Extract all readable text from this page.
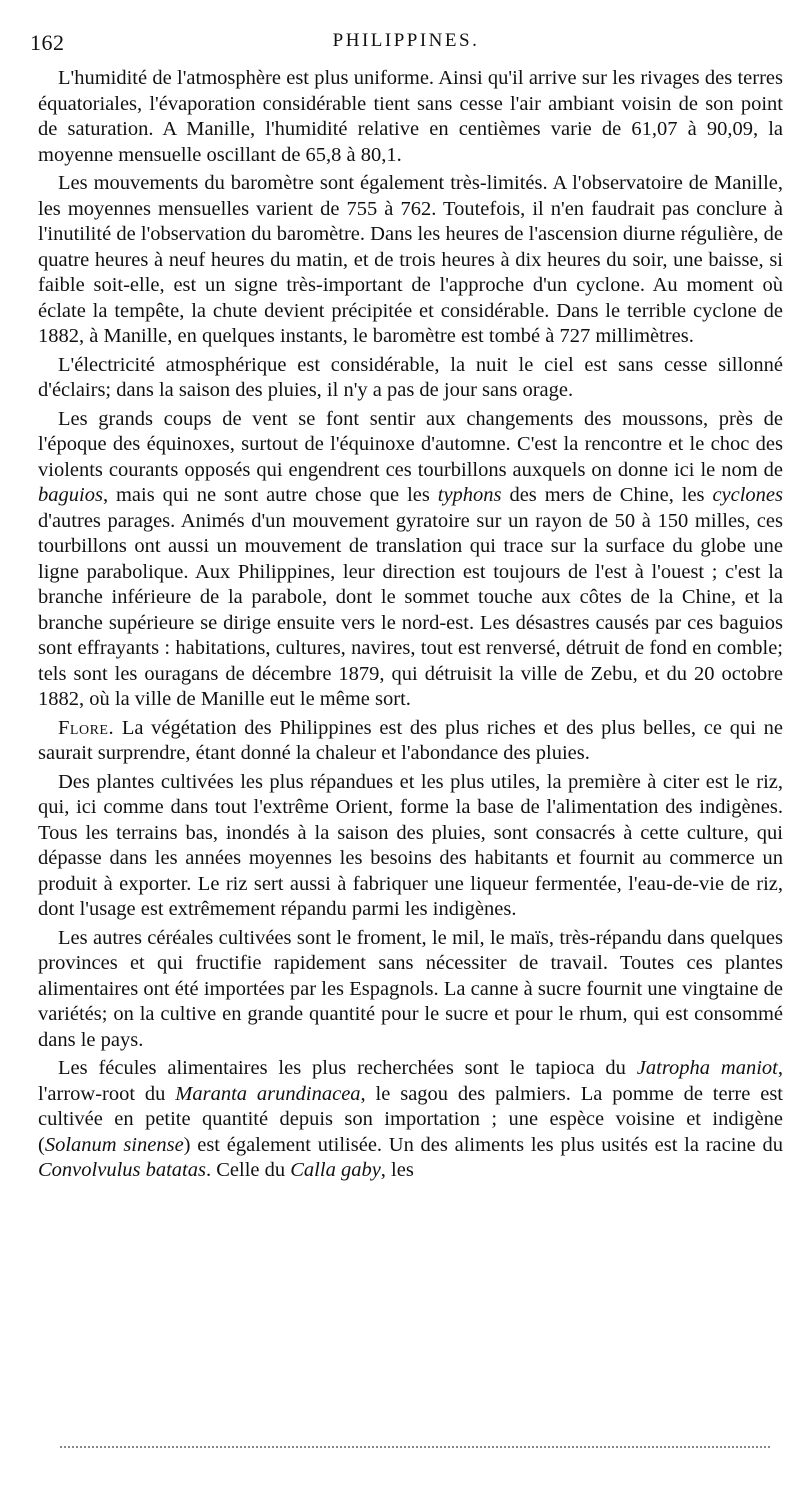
162	PHILIPPINES.

L'humidité de l'atmosphère est plus uniforme. Ainsi qu'il arrive sur les rivages des terres équatoriales, l'évaporation considérable tient sans cesse l'air ambiant voisin de son point de saturation. A Manille, l'humidité relative en centièmes varie de 61,07 à 90,09, la moyenne mensuelle oscillant de 65,8 à 80,1.

Les mouvements du baromètre sont également très-limités. A l'observatoire de Manille, les moyennes mensuelles varient de 755 à 762. Toutefois, il n'en faudrait pas conclure à l'inutilité de l'observation du baromètre. Dans les heures de l'ascension diurne régulière, de quatre heures à neuf heures du matin, et de trois heures à dix heures du soir, une baisse, si faible soit-elle, est un signe très-important de l'approche d'un cyclone. Au moment où éclate la tempête, la chute devient précipitée et considérable. Dans le terrible cyclone de 1882, à Manille, en quelques instants, le baromètre est tombé à 727 millimètres.

L'électricité atmosphérique est considérable, la nuit le ciel est sans cesse sillonné d'éclairs; dans la saison des pluies, il n'y a pas de jour sans orage.

Les grands coups de vent se font sentir aux changements des moussons, près de l'époque des équinoxes, surtout de l'équinoxe d'automne. C'est la rencontre et le choc des violents courants opposés qui engendrent ces tourbillons auxquels on donne ici le nom de baguios, mais qui ne sont autre chose que les typhons des mers de Chine, les cyclones d'autres parages. Animés d'un mouvement gyratoire sur un rayon de 50 à 150 milles, ces tourbillons ont aussi un mouvement de translation qui trace sur la surface du globe une ligne parabolique. Aux Philippines, leur direction est toujours de l'est à l'ouest ; c'est la branche inférieure de la parabole, dont le sommet touche aux côtes de la Chine, et la branche supérieure se dirige ensuite vers le nord-est. Les désastres causés par ces baguios sont effrayants : habitations, cultures, navires, tout est renversé, détruit de fond en comble; tels sont les ouragans de décembre 1879, qui détruisit la ville de Zebu, et du 20 octobre 1882, où la ville de Manille eut le même sort.

Flore. La végétation des Philippines est des plus riches et des plus belles, ce qui ne saurait surprendre, étant donné la chaleur et l'abondance des pluies.

Des plantes cultivées les plus répandues et les plus utiles, la première à citer est le riz, qui, ici comme dans tout l'extrême Orient, forme la base de l'alimentation des indigènes. Tous les terrains bas, inondés à la saison des pluies, sont consacrés à cette culture, qui dépasse dans les années moyennes les besoins des habitants et fournit au commerce un produit à exporter. Le riz sert aussi à fabriquer une liqueur fermentée, l'eau-de-vie de riz, dont l'usage est extrêmement répandu parmi les indigènes.

Les autres céréales cultivées sont le froment, le mil, le maïs, très-répandu dans quelques provinces et qui fructifie rapidement sans nécessiter de travail. Toutes ces plantes alimentaires ont été importées par les Espagnols. La canne à sucre fournit une vingtaine de variétés; on la cultive en grande quantité pour le sucre et pour le rhum, qui est consommé dans le pays.

Les fécules alimentaires les plus recherchées sont le tapioca du Jatropha maniot, l'arrow-root du Maranta arundinacea, le sagou des palmiers. La pomme de terre est cultivée en petite quantité depuis son importation ; une espèce voisine et indigène (Solanum sinense) est également utilisée. Un des aliments les plus usités est la racine du Convolvulus batatas. Celle du Calla gaby, les
